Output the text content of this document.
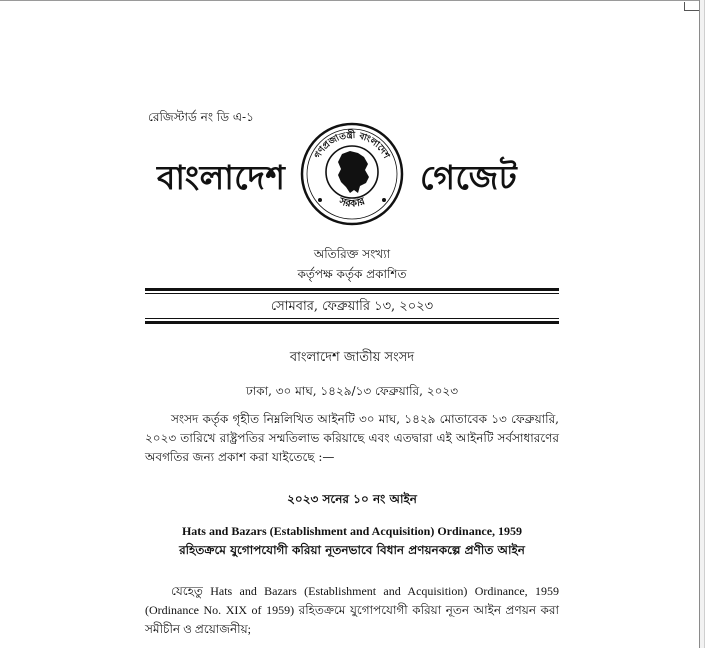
রেজিস্টার্ড নং ডি এ-১
বাংলাদেশ
গণপ্রজাতন্ত্রী বাংলাদেশ
সরকার
গেজেট
অতিরিক্ত সংখ্যা
কর্তৃপক্ষ কর্তৃক প্রকাশিত
সোমবার, ফেব্রুয়ারি ১৩, ২০২৩
বাংলাদেশ জাতীয় সংসদ
ঢাকা, ৩০ মাঘ, ১৪২৯/১৩ ফেব্রুয়ারি, ২০২৩
সংসদ কর্তৃক গৃহীত নিম্নলিখিত আইনটি ৩০ মাঘ, ১৪২৯ মোতাবেক ১৩ ফেব্রুয়ারি, ২০২৩ তারিখে রাষ্ট্রপতির সম্মতিলাভ করিয়াছে এবং এতদ্বারা এই আইনটি সর্বসাধারণের অবগতির জন্য প্রকাশ করা যাইতেছে :—
২০২৩ সনের ১০ নং আইন
Hats and Bazars (Establishment and Acquisition) Ordinance, 1959
রহিতক্রমে যুগোপযোগী করিয়া নূতনভাবে বিধান প্রণয়নকল্পে প্রণীত আইন
যেহেতু Hats and Bazars (Establishment and Acquisition) Ordinance, 1959 (Ordinance No. XIX of 1959) রহিতক্রমে যুগোপযোগী করিয়া নূতন আইন প্রণয়ন করা সমীচীন ও প্রয়োজনীয়;
